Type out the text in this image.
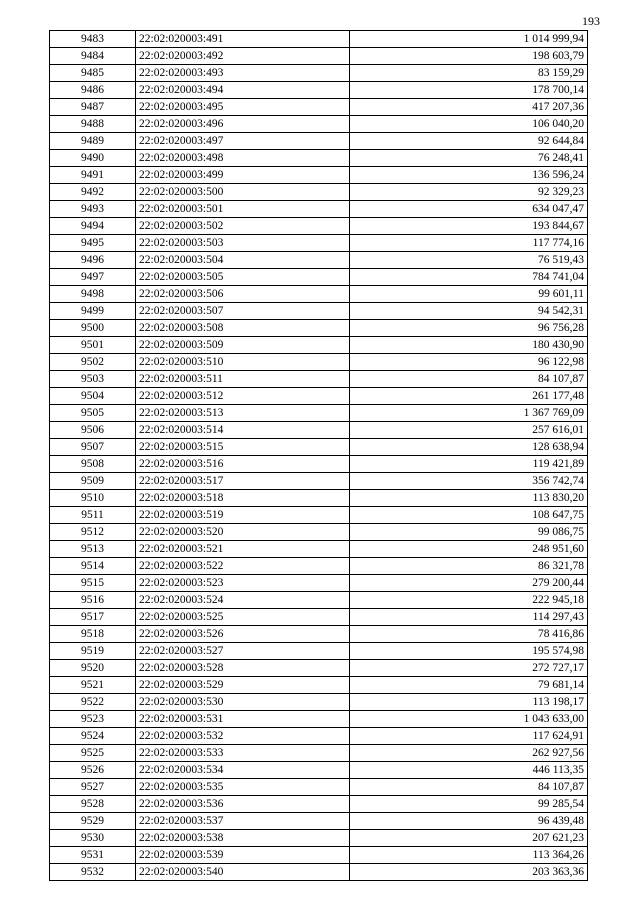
193
9483	22:02:020003:491	1 014 999,94
9484	22:02:020003:492	198 603,79
9485	22:02:020003:493	83 159,29
9486	22:02:020003:494	178 700,14
9487	22:02:020003:495	417 207,36
9488	22:02:020003:496	106 040,20
9489	22:02:020003:497	92 644,84
9490	22:02:020003:498	76 248,41
9491	22:02:020003:499	136 596,24
9492	22:02:020003:500	92 329,23
9493	22:02:020003:501	634 047,47
9494	22:02:020003:502	193 844,67
9495	22:02:020003:503	117 774,16
9496	22:02:020003:504	76 519,43
9497	22:02:020003:505	784 741,04
9498	22:02:020003:506	99 601,11
9499	22:02:020003:507	94 542,31
9500	22:02:020003:508	96 756,28
9501	22:02:020003:509	180 430,90
9502	22:02:020003:510	96 122,98
9503	22:02:020003:511	84 107,87
9504	22:02:020003:512	261 177,48
9505	22:02:020003:513	1 367 769,09
9506	22:02:020003:514	257 616,01
9507	22:02:020003:515	128 638,94
9508	22:02:020003:516	119 421,89
9509	22:02:020003:517	356 742,74
9510	22:02:020003:518	113 830,20
9511	22:02:020003:519	108 647,75
9512	22:02:020003:520	99 086,75
9513	22:02:020003:521	248 951,60
9514	22:02:020003:522	86 321,78
9515	22:02:020003:523	279 200,44
9516	22:02:020003:524	222 945,18
9517	22:02:020003:525	114 297,43
9518	22:02:020003:526	78 416,86
9519	22:02:020003:527	195 574,98
9520	22:02:020003:528	272 727,17
9521	22:02:020003:529	79 681,14
9522	22:02:020003:530	113 198,17
9523	22:02:020003:531	1 043 633,00
9524	22:02:020003:532	117 624,91
9525	22:02:020003:533	262 927,56
9526	22:02:020003:534	446 113,35
9527	22:02:020003:535	84 107,87
9528	22:02:020003:536	99 285,54
9529	22:02:020003:537	96 439,48
9530	22:02:020003:538	207 621,23
9531	22:02:020003:539	113 364,26
9532	22:02:020003:540	203 363,36
